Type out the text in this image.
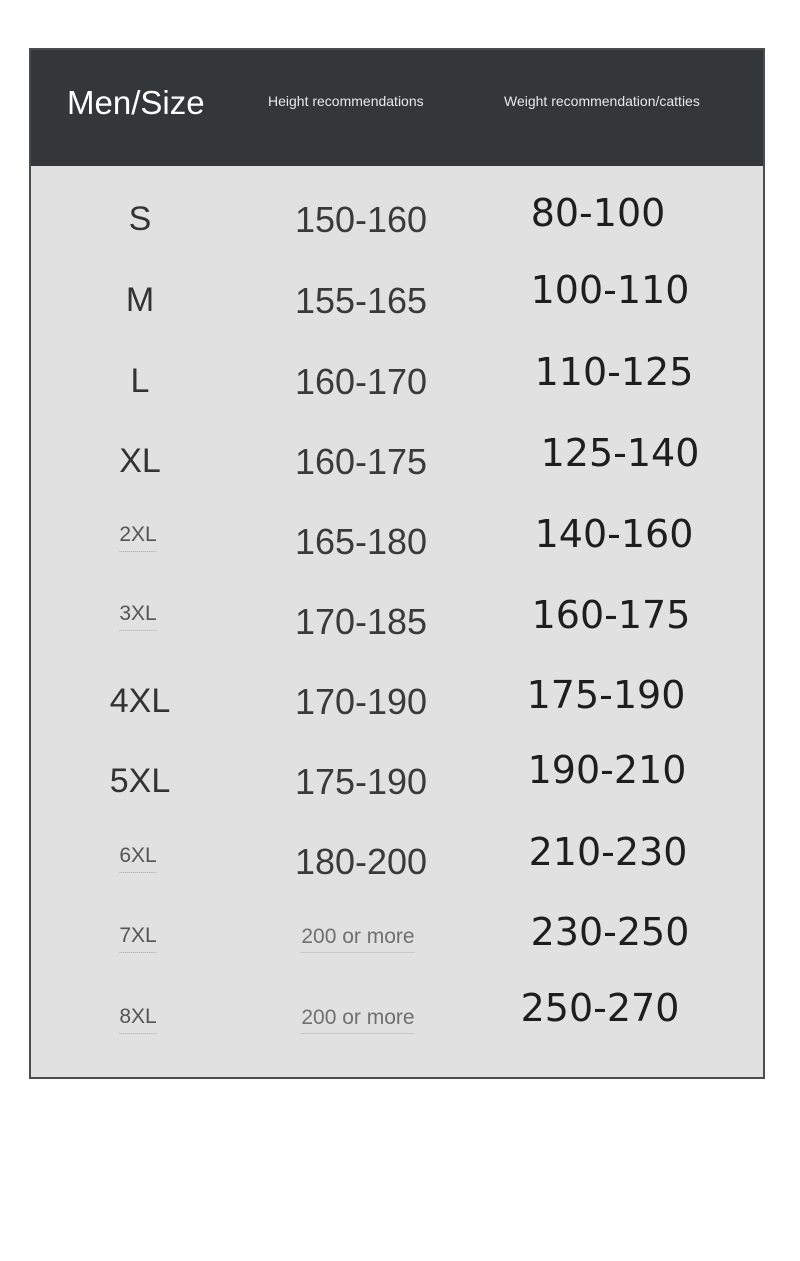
Men/Size	Height recommendations	Weight recommendation/catties
S	150-160	80-100
M	155-165	100-110
L	160-170	110-125
XL	160-175	125-140
2XL	165-180	140-160
3XL	170-185	160-175
4XL	170-190	175-190
5XL	175-190	190-210
6XL	180-200	210-230
7XL	200 or more	230-250
8XL	200 or more	250-270
